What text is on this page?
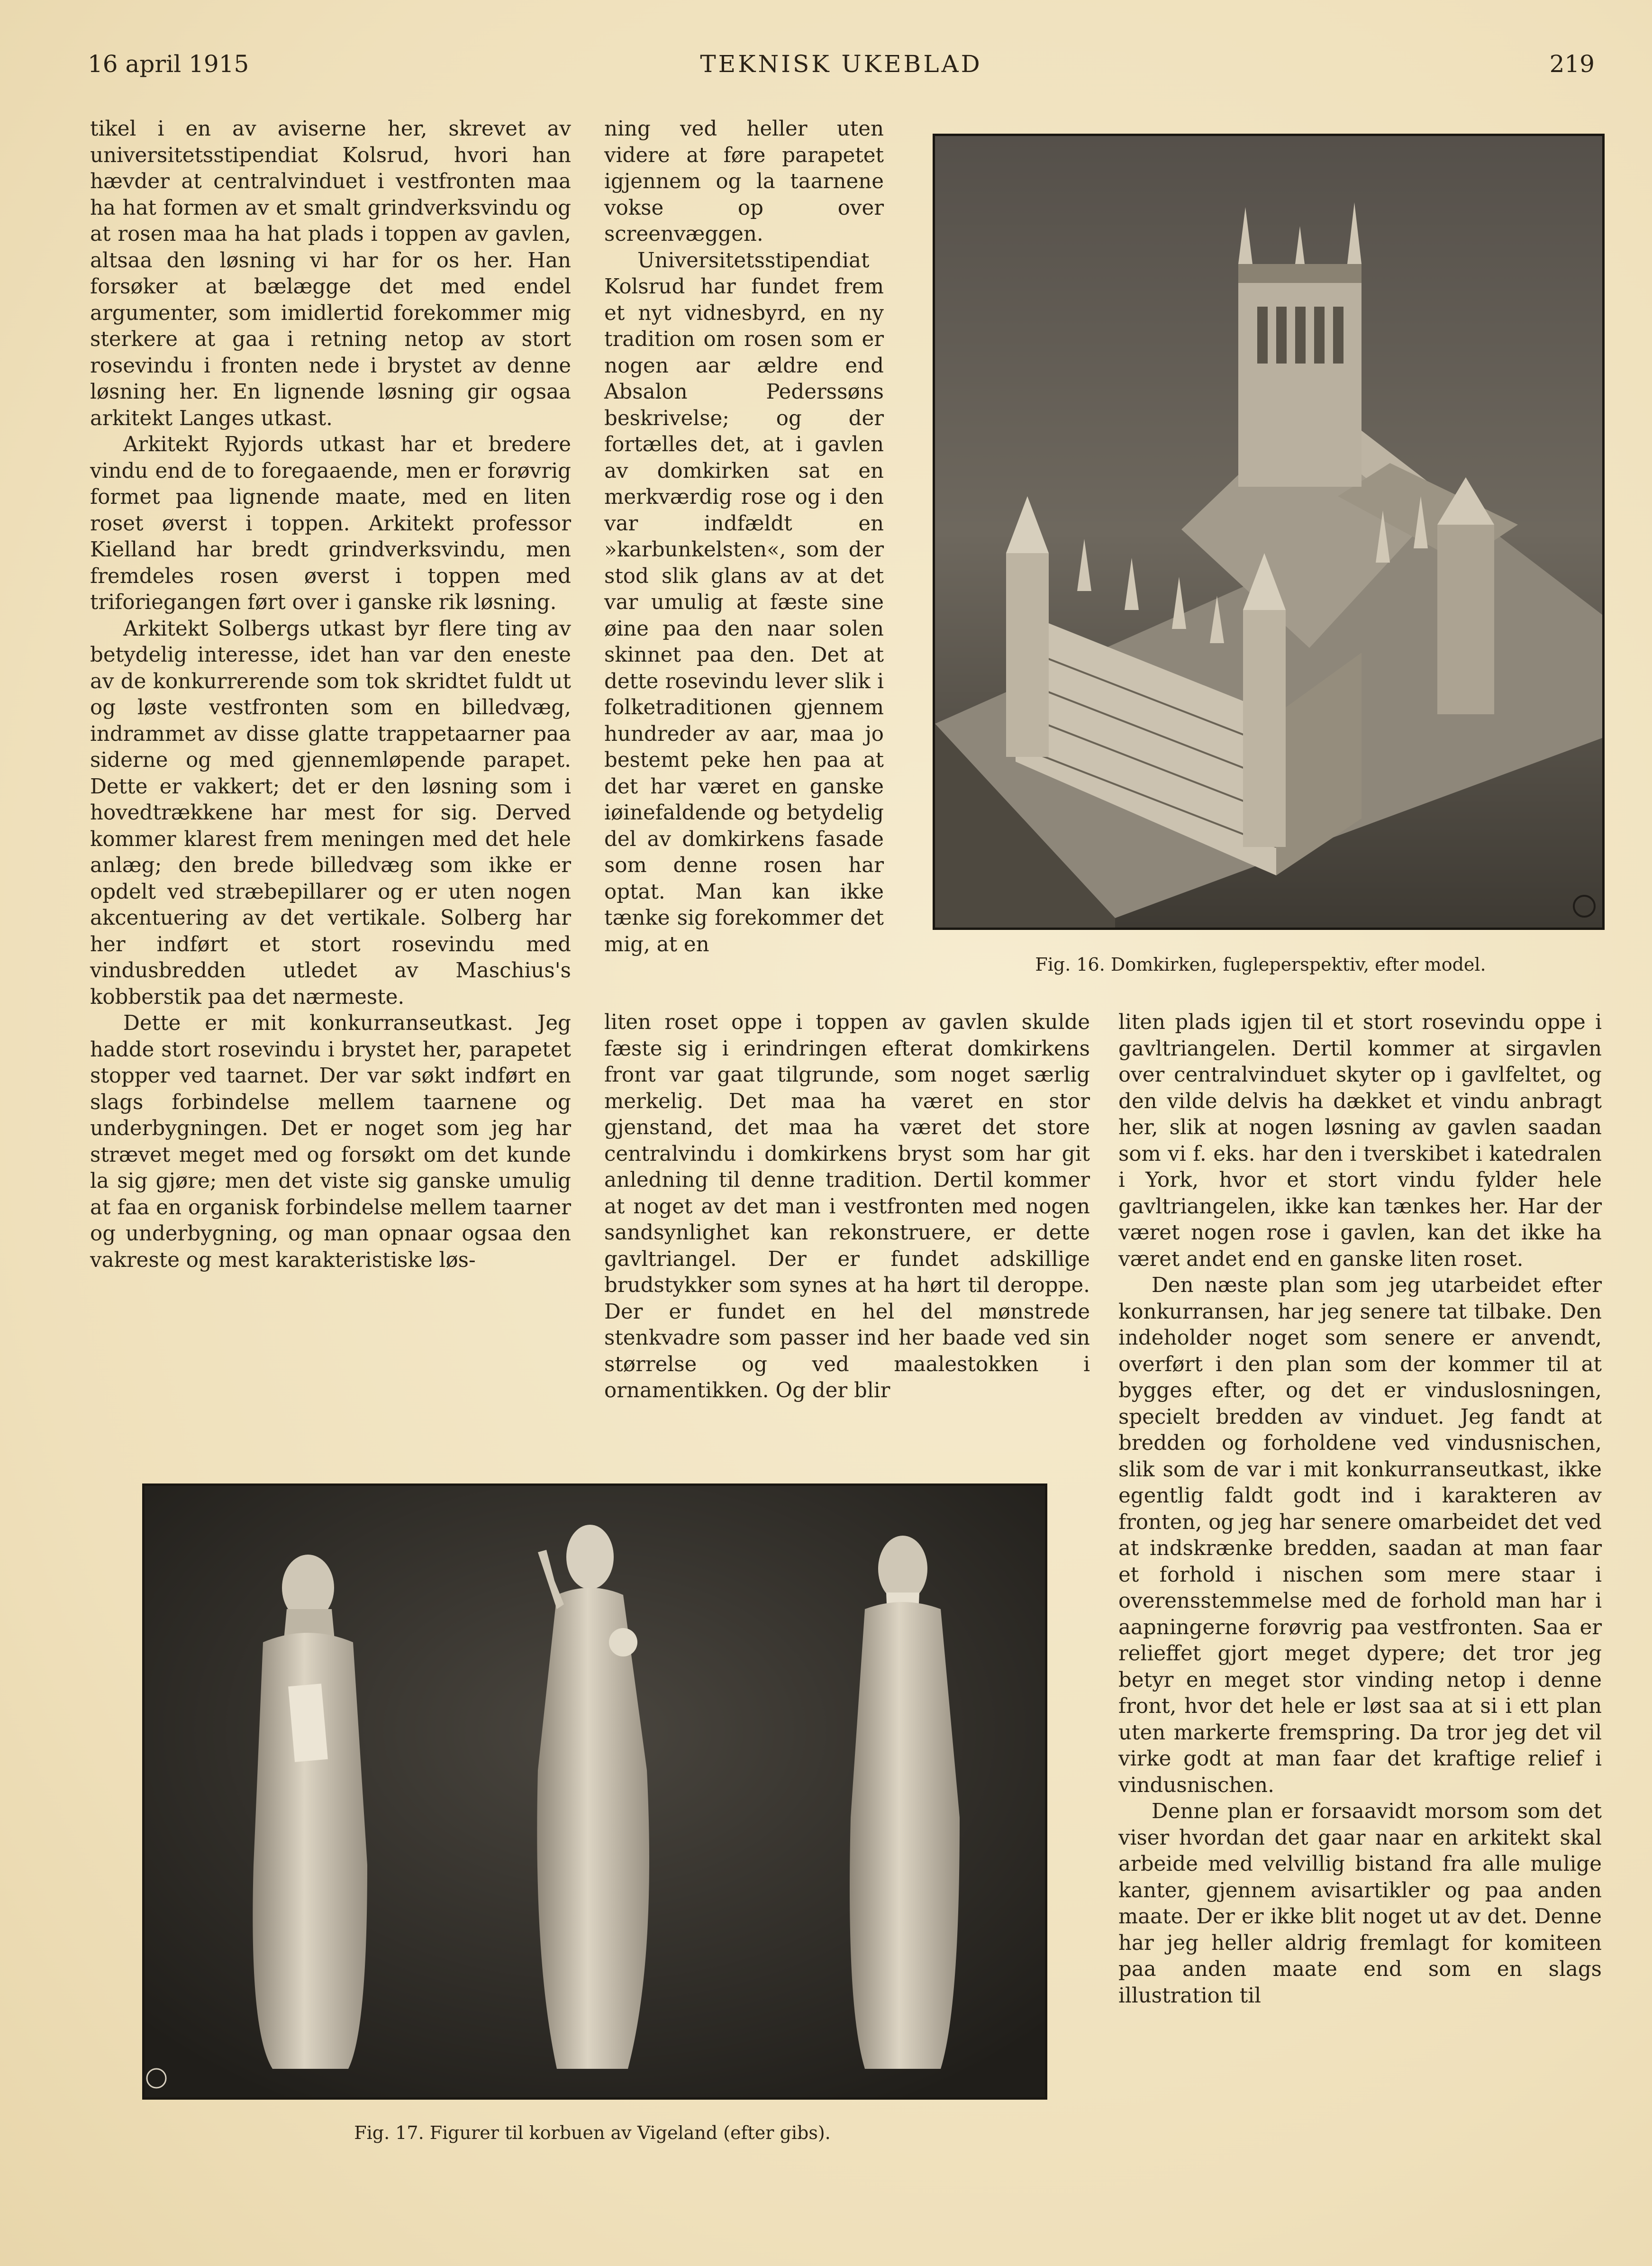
16 april 1915	TEKNISK UKEBLAD	219

tikel i en av aviserne her, skrevet av universitetsstipendiat Kolsrud, hvori han hævder at centralvinduet i vestfronten maa ha hat formen av et smalt grindverksvindu og at rosen maa ha hat plads i toppen av gavlen, altsaa den løsning vi har for os her. Han forsøker at bælægge det med endel argumenter, som imidlertid forekommer mig sterkere at gaa i retning netop av stort rosevindu i fronten nede i brystet av denne løsning her. En lignende løsning gir ogsaa arkitekt Langes utkast.

Arkitekt Ryjords utkast har et bredere vindu end de to foregaaende, men er forøvrig formet paa lignende maate, med en liten roset øverst i toppen. Arkitekt professor Kielland har bredt grindverksvindu, men fremdeles rosen øverst i toppen med triforiegangen ført over i ganske rik løsning.

Arkitekt Solbergs utkast byr flere ting av betydelig interesse, idet han var den eneste av de konkurrerende som tok skridtet fuldt ut og løste vestfronten som en billedvæg, indrammet av disse glatte trappetaarner paa siderne og med gjennemløpende parapet. Dette er vakkert; det er den løsning som i hovedtrækkene har mest for sig. Derved kommer klarest frem meningen med det hele anlæg; den brede billedvæg som ikke er opdelt ved stræbepillarer og er uten nogen akcentuering av det vertikale. Solberg har her indført et stort rosevindu med vindusbredden utledet av Maschius's kobberstik paa det nærmeste.

Dette er mit konkurranseutkast. Jeg hadde stort rosevindu i brystet her, parapetet stopper ved taarnet. Der var søkt indført en slags forbindelse mellem taarnene og underbygningen. Det er noget som jeg har strævet meget med og forsøkt om det kunde la sig gjøre; men det viste sig ganske umulig at faa en organisk forbindelse mellem taarner og underbygning, og man opnaar ogsaa den vakreste og mest karakteristiske løs-

ning ved heller uten videre at føre parapetet igjennem og la taarnene vokse op over screenvæggen.

Universitetsstipendiat Kolsrud har fundet frem et nyt vidnesbyrd, en ny tradition om rosen som er nogen aar ældre end Absalon Pederssøns beskrivelse; og der fortælles det, at i gavlen av domkirken sat en merkværdig rose og i den var indfældt en »karbunkelsten«, som der stod slik glans av at det var umulig at fæste sine øine paa den naar solen skinnet paa den. Det at dette rosevindu lever slik i folketraditionen gjennem hundreder av aar, maa jo bestemt peke hen paa at det har været en ganske iøinefaldende og betydelig del av domkirkens fasade som denne rosen har optat. Man kan ikke tænke sig forekommer det mig, at en

liten roset oppe i toppen av gavlen skulde fæste sig i erindringen efterat domkirkens front var gaat tilgrunde, som noget særlig merkelig. Det maa ha været en stor gjenstand, det maa ha været det store centralvindu i domkirkens bryst som har git anledning til denne tradition. Dertil kommer at noget av det man i vestfronten med nogen sandsynlighet kan rekonstruere, er dette gavltriangel. Der er fundet adskillige brudstykker som synes at ha hørt til deroppe. Der er fundet en hel del mønstrede stenkvadre som passer ind her baade ved sin størrelse og ved maalestokken i ornamentikken. Og der blir

liten plads igjen til et stort rosevindu oppe i gavltriangelen. Dertil kommer at sirgavlen over centralvinduet skyter op i gavlfeltet, og den vilde delvis ha dækket et vindu anbragt her, slik at nogen løsning av gavlen saadan som vi f. eks. har den i tverskibet i katedralen i York, hvor et stort vindu fylder hele gavltriangelen, ikke kan tænkes her. Har der været nogen rose i gavlen, kan det ikke ha været andet end en ganske liten roset.

Den næste plan som jeg utarbeidet efter konkurransen, har jeg senere tat tilbake. Den indeholder noget som senere er anvendt, overført i den plan som der kommer til at bygges efter, og det er vinduslosningen, specielt bredden av vinduet. Jeg fandt at bredden og forholdene ved vindusnischen, slik som de var i mit konkurranseutkast, ikke egentlig faldt godt ind i karakteren av fronten, og jeg har senere omarbeidet det ved at indskrænke bredden, saadan at man faar et forhold i nischen som mere staar i overensstemmelse med de forhold man har i aapningerne forøvrig paa vestfronten. Saa er relieffet gjort meget dypere; det tror jeg betyr en meget stor vinding netop i denne front, hvor det hele er løst saa at si i ett plan uten markerte fremspring. Da tror jeg det vil virke godt at man faar det kraftige relief i vindusnischen.

Denne plan er forsaavidt morsom som det viser hvordan det gaar naar en arkitekt skal arbeide med velvillig bistand fra alle mulige kanter, gjennem avisartikler og paa anden maate. Der er ikke blit noget ut av det. Denne har jeg heller aldrig fremlagt for komiteen paa anden maate end som en slags illustration til

Fig. 16. Domkirken, fugleperspektiv, efter model.
Fig. 17. Figurer til korbuen av Vigeland (efter gibs).
